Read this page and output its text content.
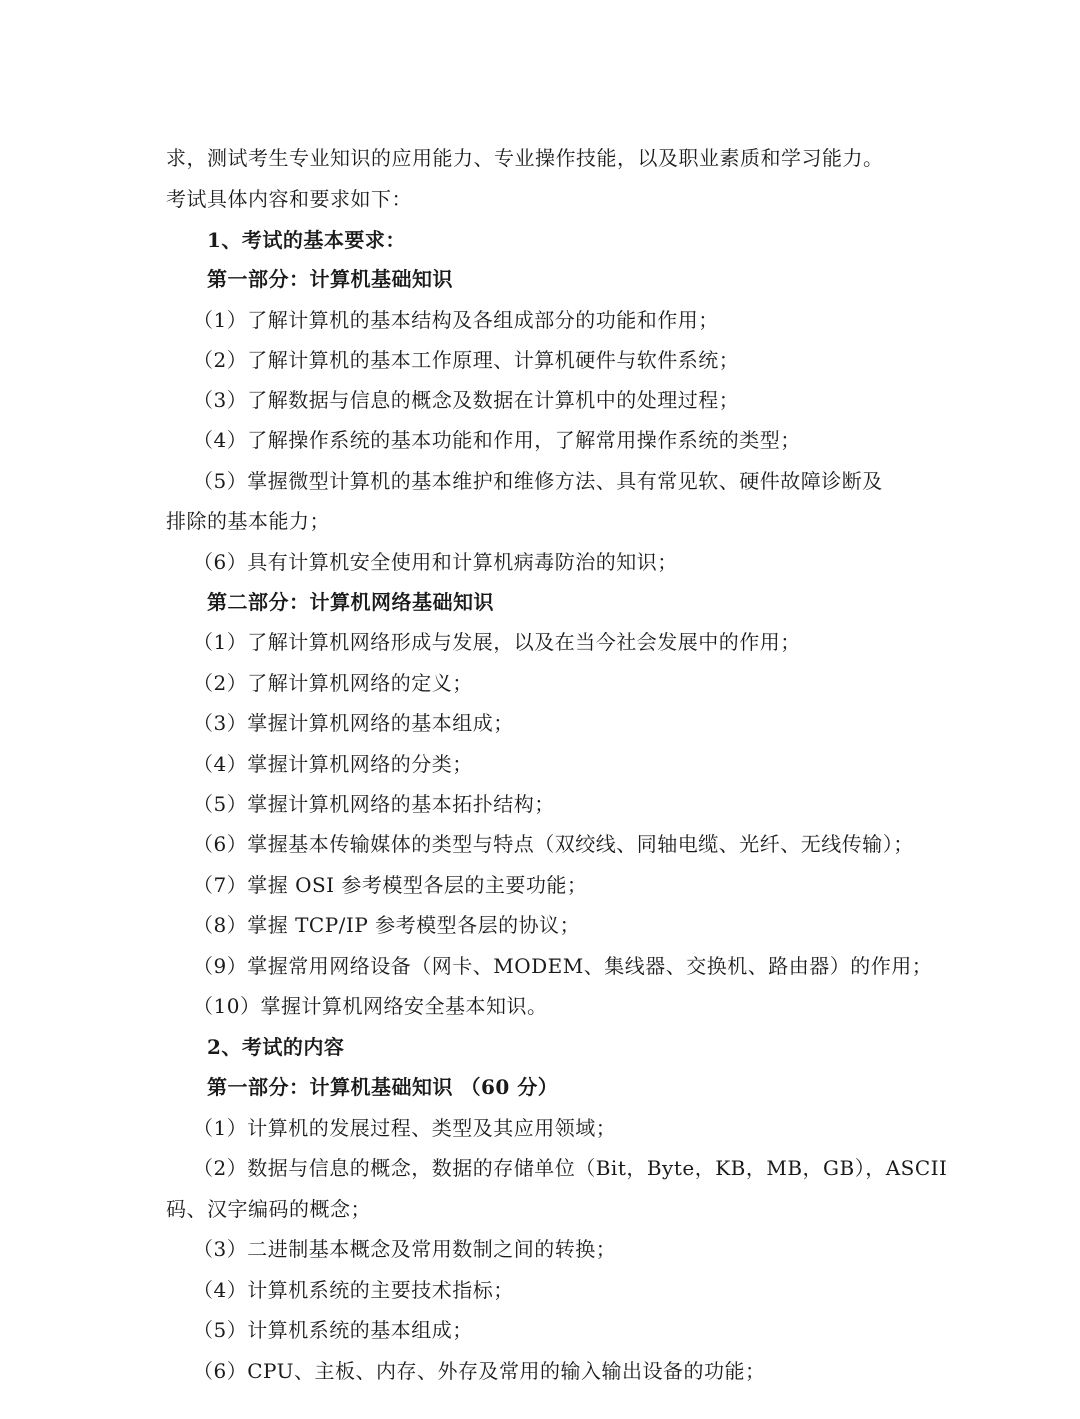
求，测试考生专业知识的应用能力、专业操作技能，以及职业素质和学习能力。
考试具体内容和要求如下：
1、考试的基本要求：
第一部分：计算机基础知识
（1）了解计算机的基本结构及各组成部分的功能和作用；
（2）了解计算机的基本工作原理、计算机硬件与软件系统；
（3）了解数据与信息的概念及数据在计算机中的处理过程；
（4）了解操作系统的基本功能和作用，了解常用操作系统的类型；
（5）掌握微型计算机的基本维护和维修方法、具有常见软、硬件故障诊断及
排除的基本能力；
（6）具有计算机安全使用和计算机病毒防治的知识；
第二部分：计算机网络基础知识
（1）了解计算机网络形成与发展，以及在当今社会发展中的作用；
（2）了解计算机网络的定义；
（3）掌握计算机网络的基本组成；
（4）掌握计算机网络的分类；
（5）掌握计算机网络的基本拓扑结构；
（6）掌握基本传输媒体的类型与特点（双绞线、同轴电缆、光纤、无线传输）；
（7）掌握 OSI 参考模型各层的主要功能；
（8）掌握 TCP/IP 参考模型各层的协议；
（9）掌握常用网络设备（网卡、MODEM、集线器、交换机、路由器）的作用；
（10）掌握计算机网络安全基本知识。
2、考试的内容
第一部分：计算机基础知识 （60 分）
（1）计算机的发展过程、类型及其应用领域；
（2）数据与信息的概念，数据的存储单位（Bit，Byte，KB，MB，GB），ASCII
码、汉字编码的概念；
（3）二进制基本概念及常用数制之间的转换；
（4）计算机系统的主要技术指标；
（5）计算机系统的基本组成；
（6）CPU、主板、内存、外存及常用的输入输出设备的功能；
